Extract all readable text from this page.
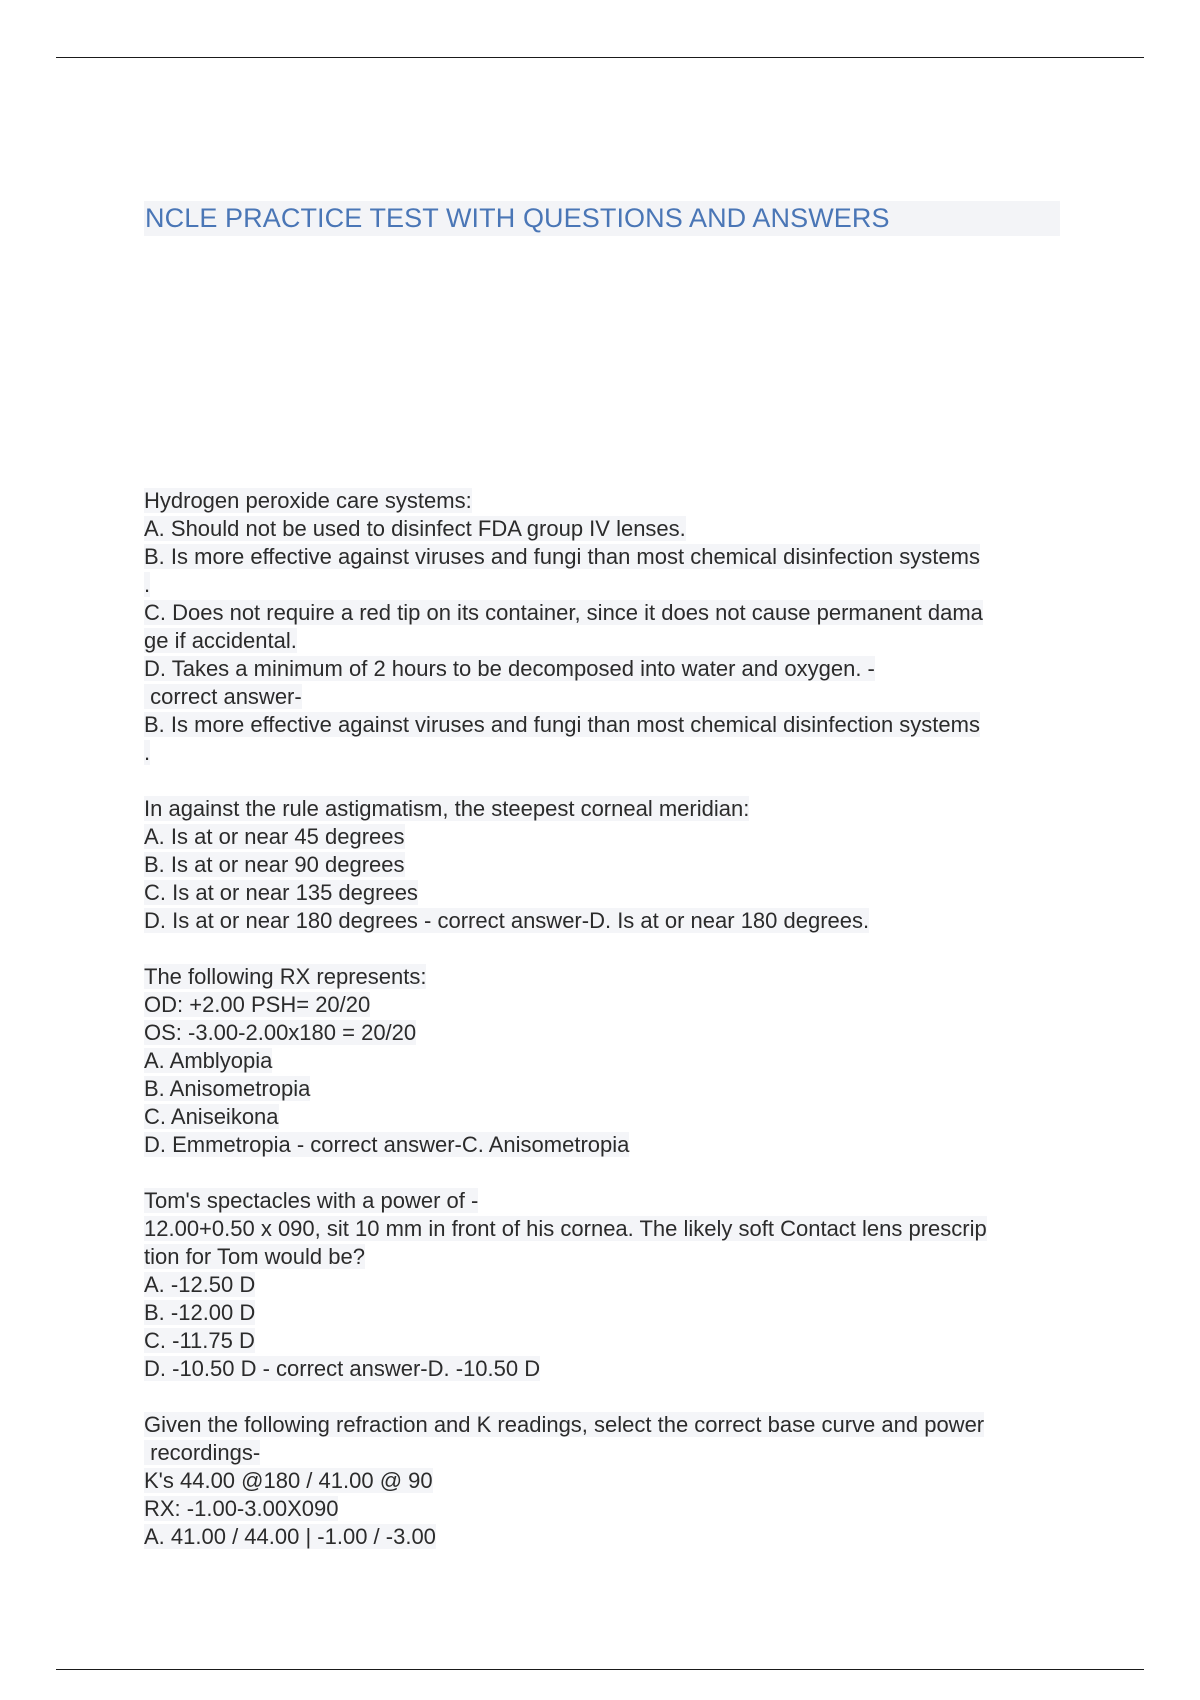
NCLE PRACTICE TEST WITH QUESTIONS AND ANSWERS
Hydrogen peroxide care systems:
A. Should not be used to disinfect FDA group IV lenses.
B. Is more effective against viruses and fungi than most chemical disinfection systems
.
C. Does not require a red tip on its container, since it does not cause permanent dama
ge if accidental.
D. Takes a minimum of 2 hours to be decomposed into water and oxygen. -
correct answer-
B. Is more effective against viruses and fungi than most chemical disinfection systems
.
In against the rule astigmatism, the steepest corneal meridian:
A. Is at or near 45 degrees
B. Is at or near 90 degrees
C. Is at or near 135 degrees
D. Is at or near 180 degrees - correct answer-D. Is at or near 180 degrees.
The following RX represents:
OD: +2.00 PSH= 20/20
OS: -3.00-2.00x180 = 20/20
A. Amblyopia
B. Anisometropia
C. Aniseikona
D. Emmetropia - correct answer-C. Anisometropia
Tom's spectacles with a power of -
12.00+0.50 x 090, sit 10 mm in front of his cornea. The likely soft Contact lens prescrip
tion for Tom would be?
A. -12.50 D
B. -12.00 D
C. -11.75 D
D. -10.50 D - correct answer-D. -10.50 D
Given the following refraction and K readings, select the correct base curve and power
recordings-
K's 44.00 @180 / 41.00 @ 90
RX: -1.00-3.00X090
A. 41.00 / 44.00 | -1.00 / -3.00
